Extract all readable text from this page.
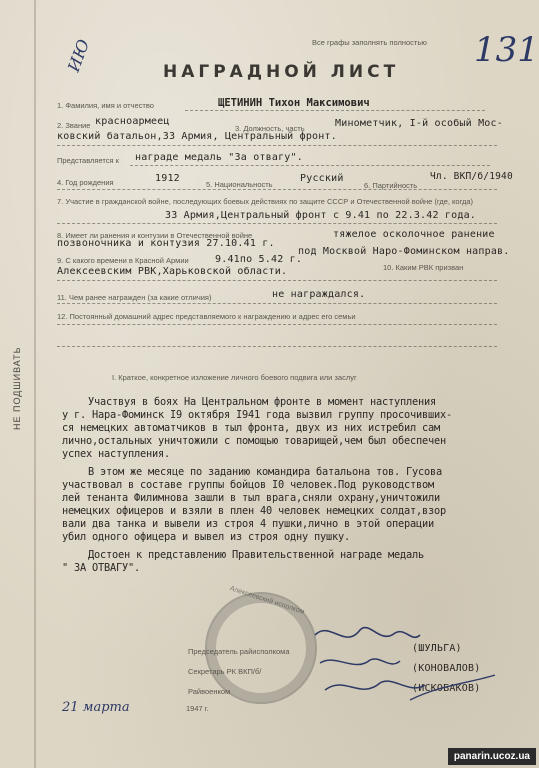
НЕ ПОДШИВАТЬ
Все графы заполнять полностью 131
ИЮ	НАГРАДНОЙ ЛИСТ
1. Фамилия, имя и отчество	ЩЕТИНИН Тихон Максимович
2. Звание красноармеец
3. Должность, часть	Минометчик, I-й особый Мос-
ковский батальон,33 Армия, Центральный фронт.
Представляется к награде медаль "За отвагу".
4. Год рождения	1912
5. Национальность
Русский
6. Партийность
Чл. ВКП/б/1940
7. Участие в гражданской войне, последующих боевых действиях по защите СССР и Отечественной войне (где, когда)
33 Армия,Центральный фронт с 9.41 по 22.3.42 года.
8. Имеет ли ранения и контузии в Отечественной войне
позвоночника и контузия 27.10.41 г.
тяжелое осколочное ранение
под Москвой Наро-Фоминском направ.
9. С какого времени в Красной Армии	9.41по 5.42 г.
10. Каким РВК призван
Алексеевским РВК,Харьковской области.
11. Чем ранее награжден (за какие отличия)	не награждался.
12. Постоянный домашний адрес представляемого к награждению и адрес его семьи
I. Краткое, конкретное изложение личного боевого подвига или заслуг
Участвуя в боях На Центральном фронте в момент наступления
у г. Нара-Фоминск I9 октября I941 года вызвил группу просочивших-
ся немецких автоматчиков в тыл фронта, двух из них истребил сам
лично,остальных уничтожили с помощью товарищей,чем был обеспечен
успех наступления.
В этом же месяце по заданию командира батальона тов. Гусова
участвовал в составе группы бойцов I0 человек.Под руководством
лей тенанта Филимнова зашли в тыл врага,сняли охрану,уничтожили
немецких офицеров и взяли в плен 40 человек немецких солдат,взор
вали два танка и вывели из строя 4 пушки,лично в этой операции
убил одного офицера и вывел из строя одну пушку.
Достоен к представлению Правительственной награде медаль
" ЗА ОТВАГУ".
Алексеевский исполком
Председатель райисполкома	(ШУЛЬГА)
Секретарь РК ВКП/б/	(КОНОВАЛОВ)
Райвоенком	(ИСКОБАКОВ)
21 марта	1947 г.
panarin.ucoz.ua
